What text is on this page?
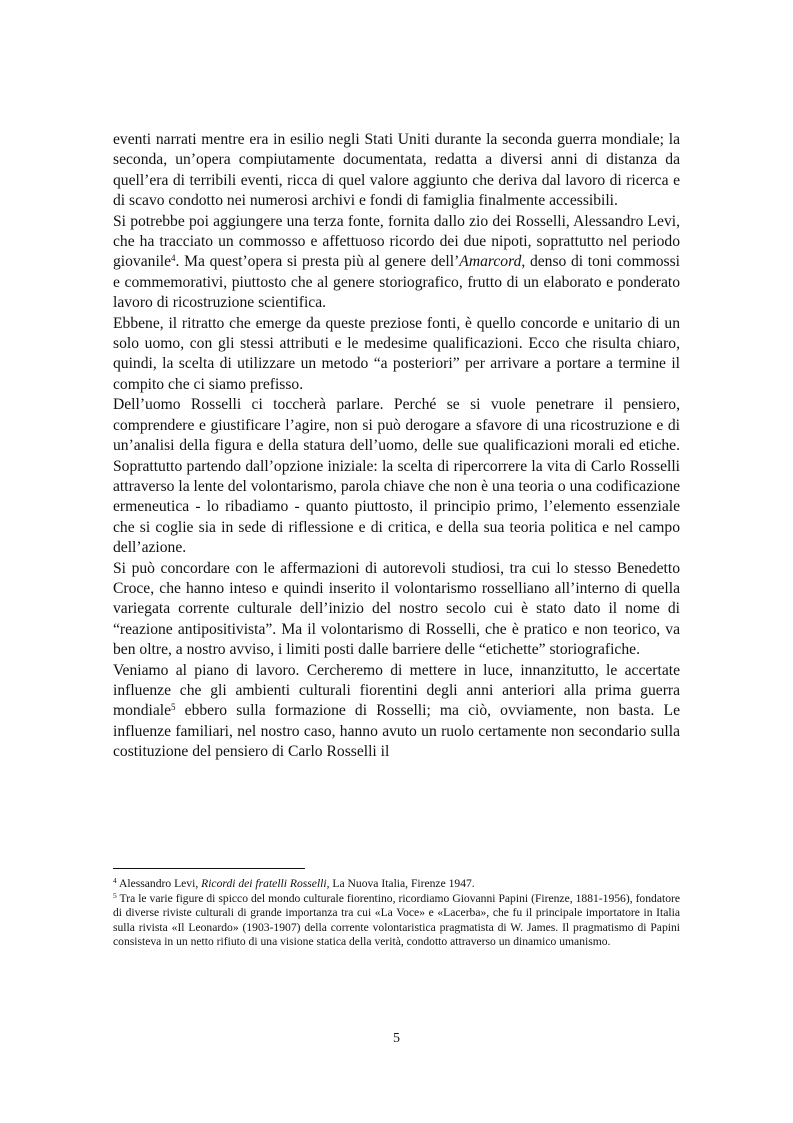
eventi narrati mentre era in esilio negli Stati Uniti durante la seconda guerra mondiale; la seconda, un’opera compiutamente documentata, redatta a diversi anni di distanza da quell’era di terribili eventi, ricca di quel valore aggiunto che deriva dal lavoro di ricerca e di scavo condotto nei numerosi archivi e fondi di famiglia finalmente accessibili.

Si potrebbe poi aggiungere una terza fonte, fornita dallo zio dei Rosselli, Alessandro Levi, che ha tracciato un commosso e affettuoso ricordo dei due nipoti, soprattutto nel periodo giovanile$^4$. Ma quest’opera si presta più al genere dell’Amarcord, denso di toni commossi e commemorativi, piuttosto che al genere storiografico, frutto di un elaborato e ponderato lavoro di ricostruzione scientifica.

Ebbene, il ritratto che emerge da queste preziose fonti, è quello concorde e unitario di un solo uomo, con gli stessi attributi e le medesime qualificazioni. Ecco che risulta chiaro, quindi, la scelta di utilizzare un metodo “a posteriori” per arrivare a portare a termine il compito che ci siamo prefisso.

Dell’uomo Rosselli ci toccherà parlare. Perché se si vuole penetrare il pensiero, comprendere e giustificare l’agire, non si può derogare a sfavore di una ricostruzione e di un’analisi della figura e della statura dell’uomo, delle sue qualificazioni morali ed etiche. Soprattutto partendo dall’opzione iniziale: la scelta di ripercorrere la vita di Carlo Rosselli attraverso la lente del volontarismo, parola chiave che non è una teoria o una codificazione ermeneutica - lo ribadiamo - quanto piuttosto, il principio primo, l’elemento essenziale che si coglie sia in sede di riflessione e di critica, e della sua teoria politica e nel campo dell’azione.

Si può concordare con le affermazioni di autorevoli studiosi, tra cui lo stesso Benedetto Croce, che hanno inteso e quindi inserito il volontarismo rosselliano all’interno di quella variegata corrente culturale dell’inizio del nostro secolo cui è stato dato il nome di “reazione antipositivista”. Ma il volontarismo di Rosselli, che è pratico e non teorico, va ben oltre, a nostro avviso, i limiti posti dalle barriere delle “etichette” storiografiche.

Veniamo al piano di lavoro. Cercheremo di mettere in luce, innanzitutto, le accertate influenze che gli ambienti culturali fiorentini degli anni anteriori alla prima guerra mondiale$^5$ ebbero sulla formazione di Rosselli; ma ciò, ovviamente, non basta. Le influenze familiari, nel nostro caso, hanno avuto un ruolo certamente non secondario sulla costituzione del pensiero di Carlo Rosselli il

$^4$ Alessandro Levi, Ricordi dei fratelli Rosselli, La Nuova Italia, Firenze 1947.

$^5$ Tra le varie figure di spicco del mondo culturale fiorentino, ricordiamo Giovanni Papini (Firenze, 1881-1956), fondatore di diverse riviste culturali di grande importanza tra cui «La Voce» e «Lacerba», che fu il principale importatore in Italia sulla rivista «Il Leonardo» (1903-1907) della corrente volontaristica pragmatista di W. James. Il pragmatismo di Papini consisteva in un netto rifiuto di una visione statica della verità, condotto attraverso un dinamico umanismo.

5
